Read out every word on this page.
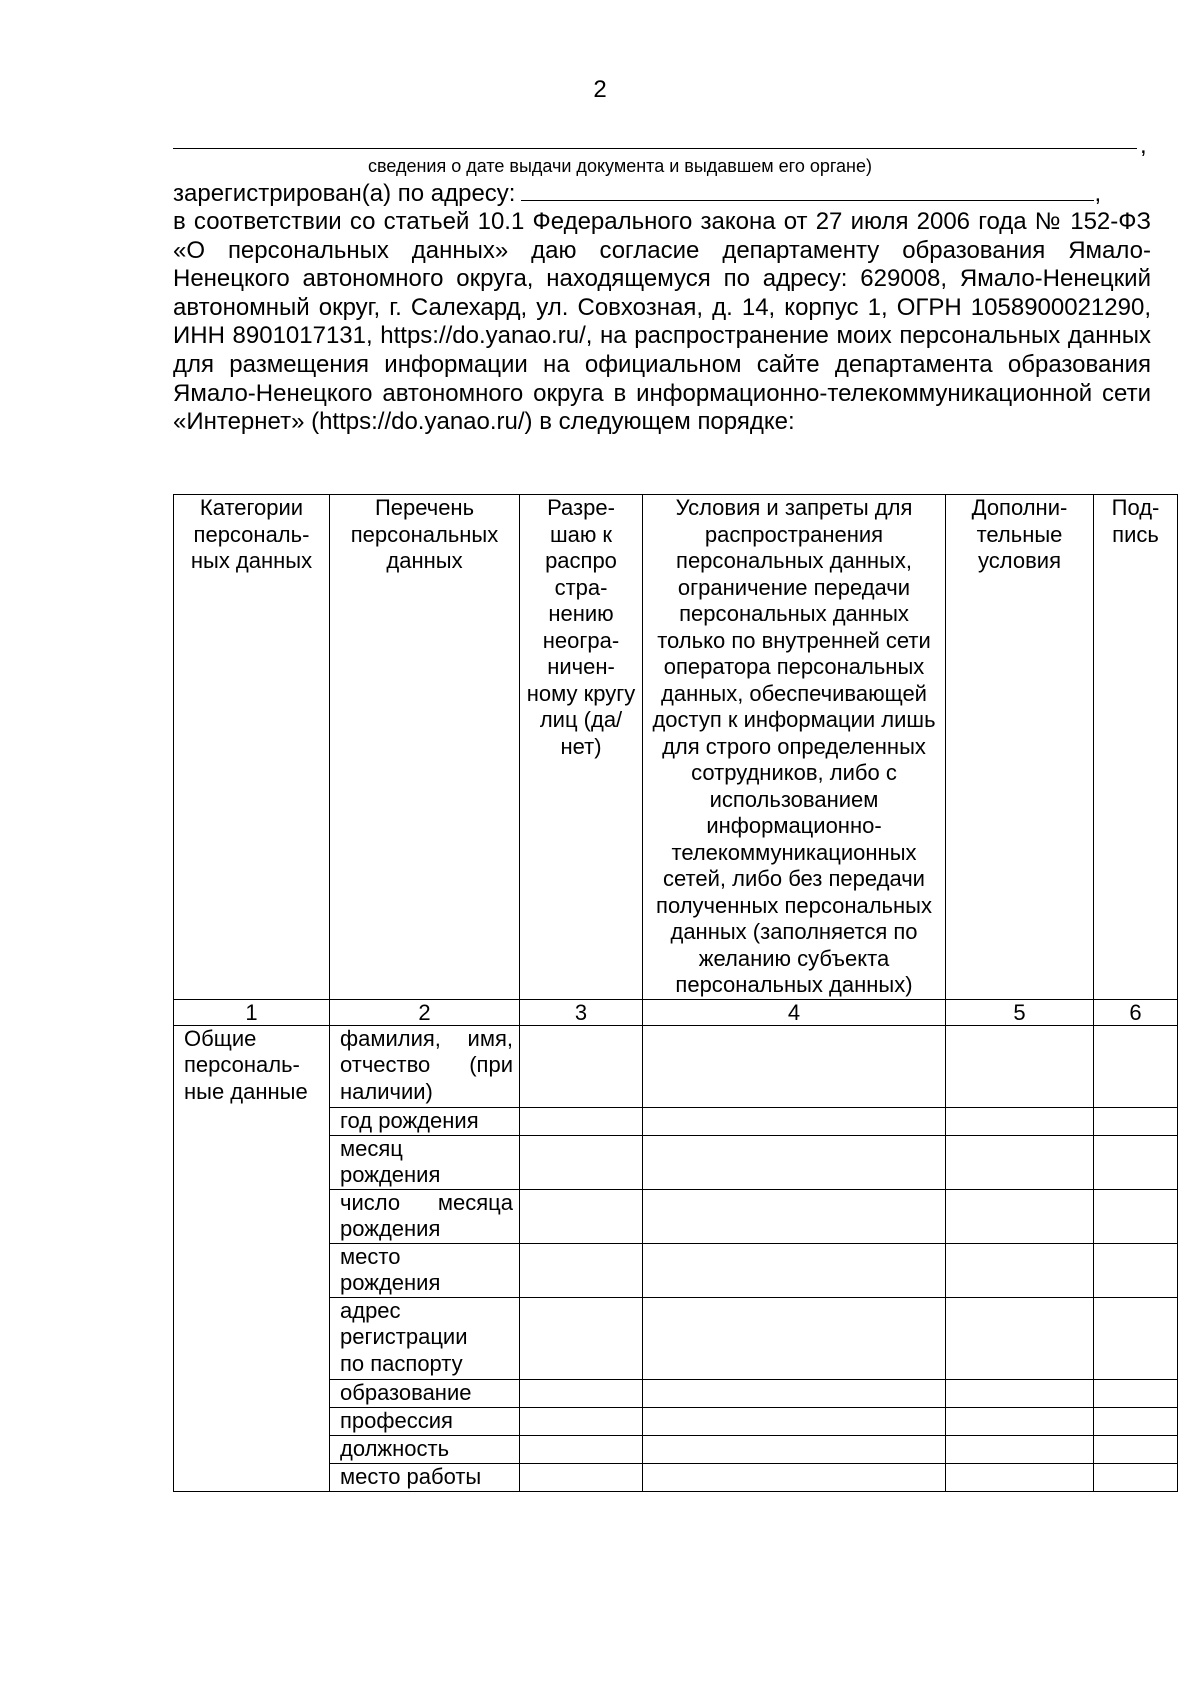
2
,
сведения о дате выдачи документа и выдавшем его органе)
зарегистрирован(а) по адресу:	,
в соответствии со статьей 10.1 Федерального закона от 27 июля 2006 года № 152-ФЗ «О персональных данных» даю согласие департаменту образования Ямало-Ненецкого автономного округа, находящемуся по адресу: 629008, Ямало-Ненецкий автономный округ, г. Салехард, ул. Совхозная, д. 14, корпус 1, ОГРН 1058900021290, ИНН 8901017131, https://do.yanao.ru/, на распространение моих персональных данных для размещения информации на официальном сайте департамента образования Ямало-Ненецкого автономного округа в информационно-телекоммуникационной сети «Интернет» (https://do.yanao.ru/) в следующем порядке:
Категории персональ-ных данных	Перечень персональных данных	Разре-шаю к распро стра-нению неогра-ничен-ному кругу лиц (да/нет)	Условия и запреты для распространения персональных данных, ограничение передачи персональных данных только по внутренней сети оператора персональных данных, обеспечивающей доступ к информации лишь для строго определенных сотрудников, либо с использованием информационно-телекоммуникационных сетей, либо без передачи полученных персональных данных (заполняется по желанию субъекта персональных данных)	Дополни-тельные условия	Под-пись
1	2	3	4	5	6
Общие персональ-ные данные	фамилия, имя, отчество (при наличии)				
	год рождения				
	месяц рождения				
	число месяца рождения				
	место рождения				
	адрес регистрации по паспорту				
	образование				
	профессия				
	должность				
	место работы				
